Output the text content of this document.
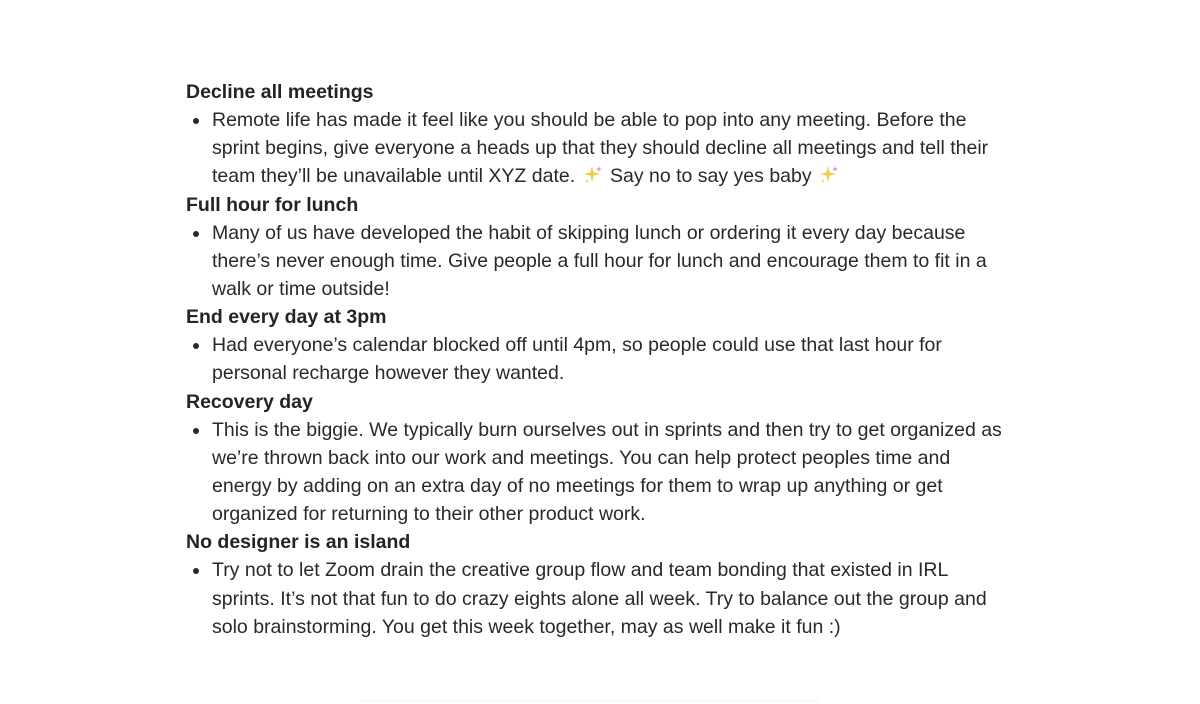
Decline all meetings

Remote life has made it feel like you should be able to pop into any meeting. Before the sprint begins, give everyone a heads up that they should decline all meetings and tell their team they’ll be unavailable until XYZ date. Say no to say yes baby

Full hour for lunch

Many of us have developed the habit of skipping lunch or ordering it every day because there’s never enough time. Give people a full hour for lunch and encourage them to fit in a walk or time outside!

End every day at 3pm

Had everyone’s calendar blocked off until 4pm, so people could use that last hour for personal recharge however they wanted.

Recovery day

This is the biggie. We typically burn ourselves out in sprints and then try to get organized as we’re thrown back into our work and meetings. You can help protect peoples time and energy by adding on an extra day of no meetings for them to wrap up anything or get organized for returning to their other product work.

No designer is an island

Try not to let Zoom drain the creative group flow and team bonding that existed in IRL sprints. It’s not that fun to do crazy eights alone all week. Try to balance out the group and solo brainstorming. You get this week together, may as well make it fun :)
